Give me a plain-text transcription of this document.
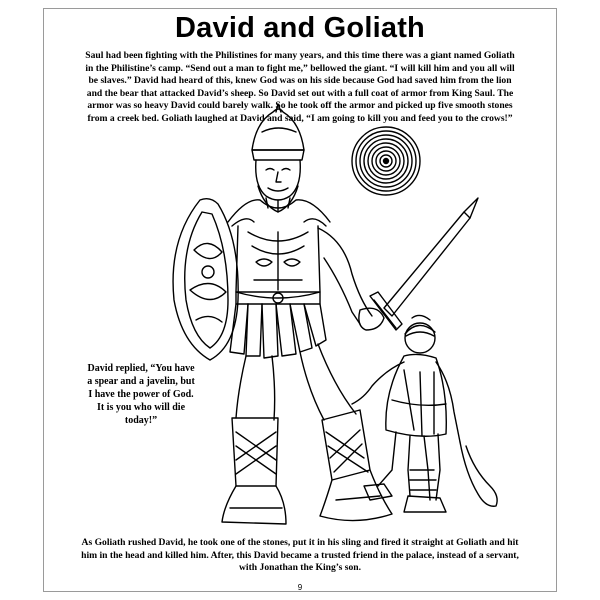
David and Goliath
Saul had been fighting with the Philistines for many years, and this time there was a giant named Goliath in the Philistine’s camp. “Send out a man to fight me,” bellowed the giant. “I will kill him and you all will be slaves.” David had heard of this, knew God was on his side because God had saved him from the lion and the bear that attacked David’s sheep. So David set out with a full coat of armor from King Saul. The armor was so heavy David could barely walk. So he took off the armor and picked up five smooth stones from a creek bed. Goliath laughed at David and said, “I am going to kill you and feed you to the crows!”
David replied, “You have a spear and a javelin, but I have the power of God. It is you who will die today!”
As Goliath rushed David, he took one of the stones, put it in his sling and fired it straight at Goliath and hit him in the head and killed him. After, this David became a trusted friend in the palace, instead of a servant, with Jonathan the King’s son.
9
